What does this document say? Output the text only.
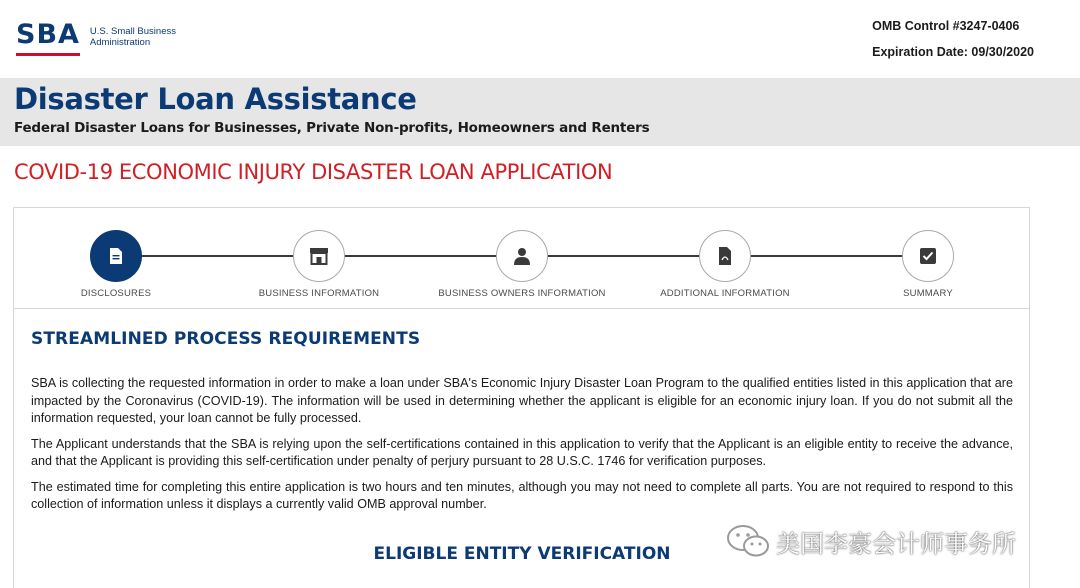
SBA U.S. Small Business
Administration
OMB Control #3247-0406
Expiration Date: 09/30/2020
Disaster Loan Assistance
Federal Disaster Loans for Businesses, Private Non-profits, Homeowners and Renters
COVID-19 ECONOMIC INJURY DISASTER LOAN APPLICATION
DISCLOSURES	BUSINESS INFORMATION	BUSINESS OWNERS INFORMATION	ADDITIONAL INFORMATION	SUMMARY
STREAMLINED PROCESS REQUIREMENTS

SBA is collecting the requested information in order to make a loan under SBA's Economic Injury Disaster Loan Program to the qualified entities listed in this application that are impacted by the Coronavirus (COVID-19). The information will be used in determining whether the applicant is eligible for an economic injury loan. If you do not submit all the information requested, your loan cannot be fully processed.

The Applicant understands that the SBA is relying upon the self-certifications contained in this application to verify that the Applicant is an eligible entity to receive the advance, and that the Applicant is providing this self-certification under penalty of perjury pursuant to 28 U.S.C. 1746 for verification purposes.

The estimated time for completing this entire application is two hours and ten minutes, although you may not need to complete all parts. You are not required to respond to this collection of information unless it displays a currently valid OMB approval number.

ELIGIBLE ENTITY VERIFICATION	美国李豪会计师事务所
